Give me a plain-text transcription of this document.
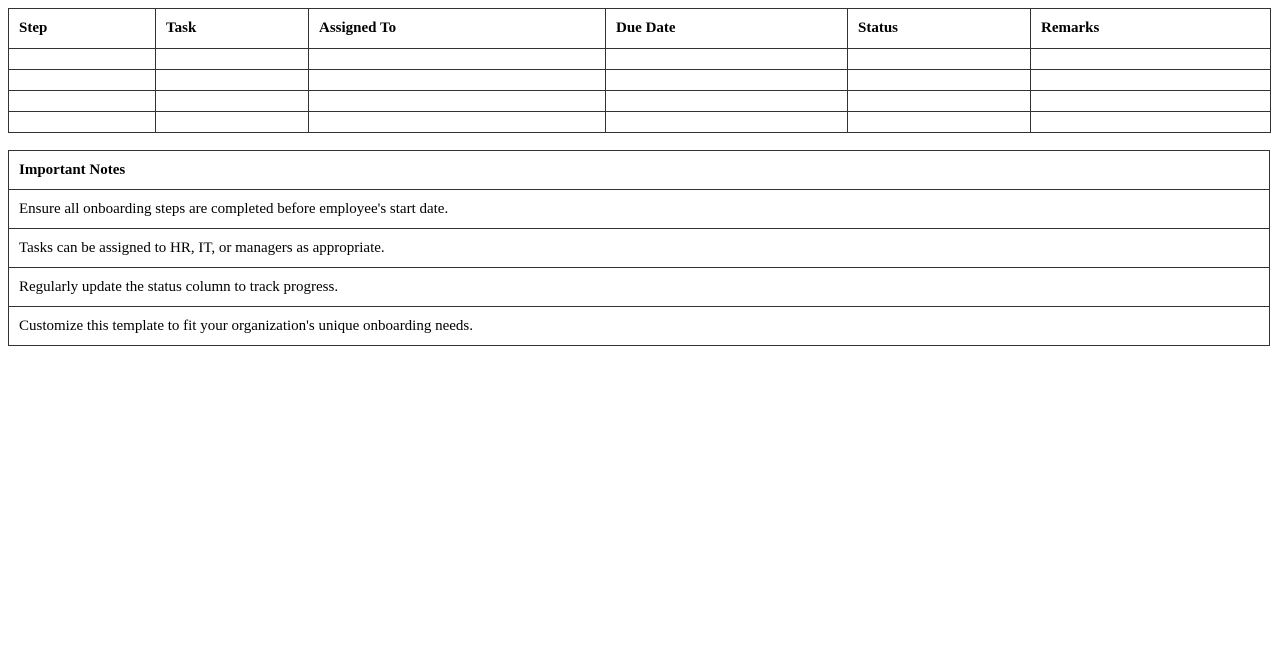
Step	Task	Assigned To	Due Date	Status	Remarks

Important Notes
Ensure all onboarding steps are completed before employee's start date.
Tasks can be assigned to HR, IT, or managers as appropriate.
Regularly update the status column to track progress.
Customize this template to fit your organization's unique onboarding needs.
